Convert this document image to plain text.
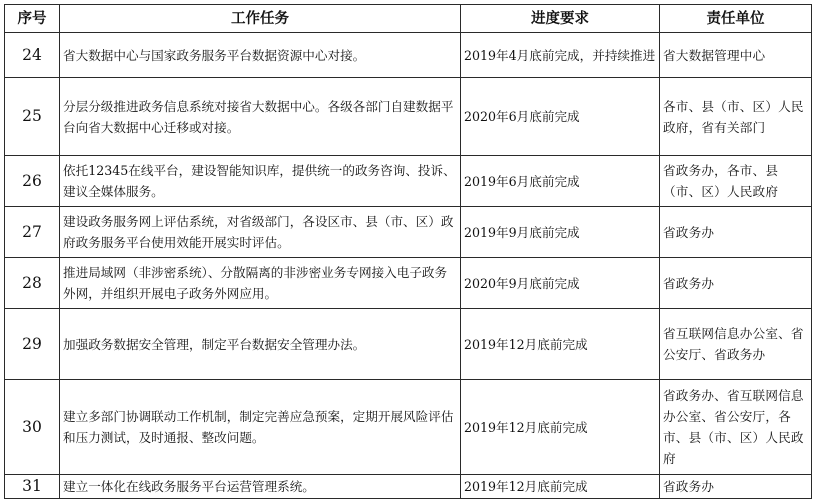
序号	工作任务	进度要求	责任单位
24	省大数据中心与国家政务服务平台数据资源中心对接。	2019年4月底前完成，并持续推进	省大数据管理中心
25	分层分级推进政务信息系统对接省大数据中心。各级各部门自建数据平台向省大数据中心迁移或对接。	2020年6月底前完成	各市、县（市、区）人民政府，省有关部门
26	依托12345在线平台，建设智能知识库，提供统一的政务咨询、投诉、建议全媒体服务。	2019年6月底前完成	省政务办，各市、县（市、区）人民政府
27	建设政务服务网上评估系统，对省级部门，各设区市、县（市、区）政府政务服务平台使用效能开展实时评估。	2019年9月底前完成	省政务办
28	推进局域网（非涉密系统）、分散隔离的非涉密业务专网接入电子政务外网，并组织开展电子政务外网应用。	2020年9月底前完成	省政务办
29	加强政务数据安全管理，制定平台数据安全管理办法。	2019年12月底前完成	省互联网信息办公室、省公安厅、省政务办
30	建立多部门协调联动工作机制，制定完善应急预案，定期开展风险评估和压力测试，及时通报、整改问题。	2019年12月底前完成	省政务办、省互联网信息办公室、省公安厅，各市、县（市、区）人民政府
31	建立一体化在线政务服务平台运营管理系统。	2019年12月底前完成	省政务办
